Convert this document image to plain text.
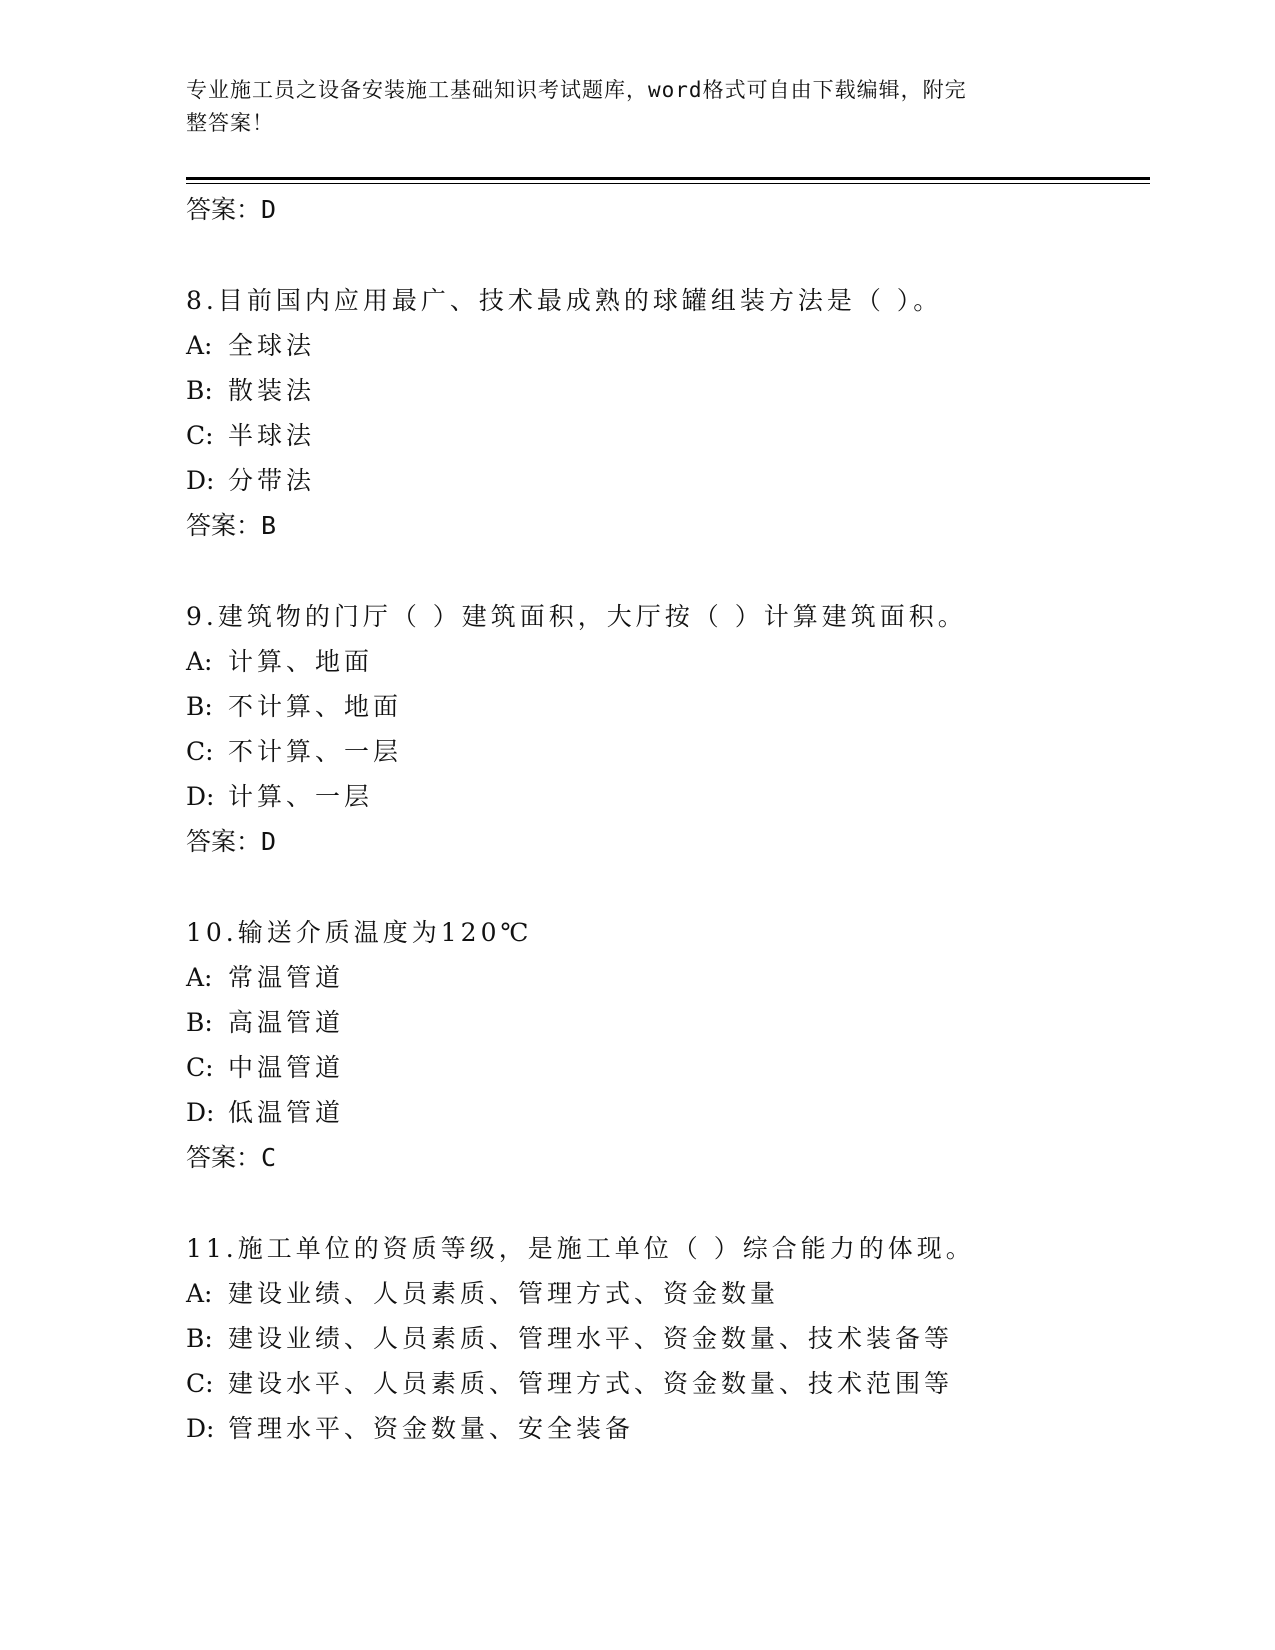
专业施工员之设备安装施工基础知识考试题库，word格式可自由下载编辑，附完
整答案！
答案：D
8.目前国内应用最广、技术最成熟的球罐组装方法是（ ）。
A: 全球法
B: 散装法
C: 半球法
D: 分带法
答案：B
9.建筑物的门厅（ ）建筑面积，大厅按（ ）计算建筑面积。
A: 计算、地面
B: 不计算、地面
C: 不计算、一层
D: 计算、一层
答案：D
10.输送介质温度为120℃
A: 常温管道
B: 高温管道
C: 中温管道
D: 低温管道
答案：C
11.施工单位的资质等级，是施工单位（ ）综合能力的体现。
A: 建设业绩、人员素质、管理方式、资金数量
B: 建设业绩、人员素质、管理水平、资金数量、技术装备等
C: 建设水平、人员素质、管理方式、资金数量、技术范围等
D: 管理水平、资金数量、安全装备
